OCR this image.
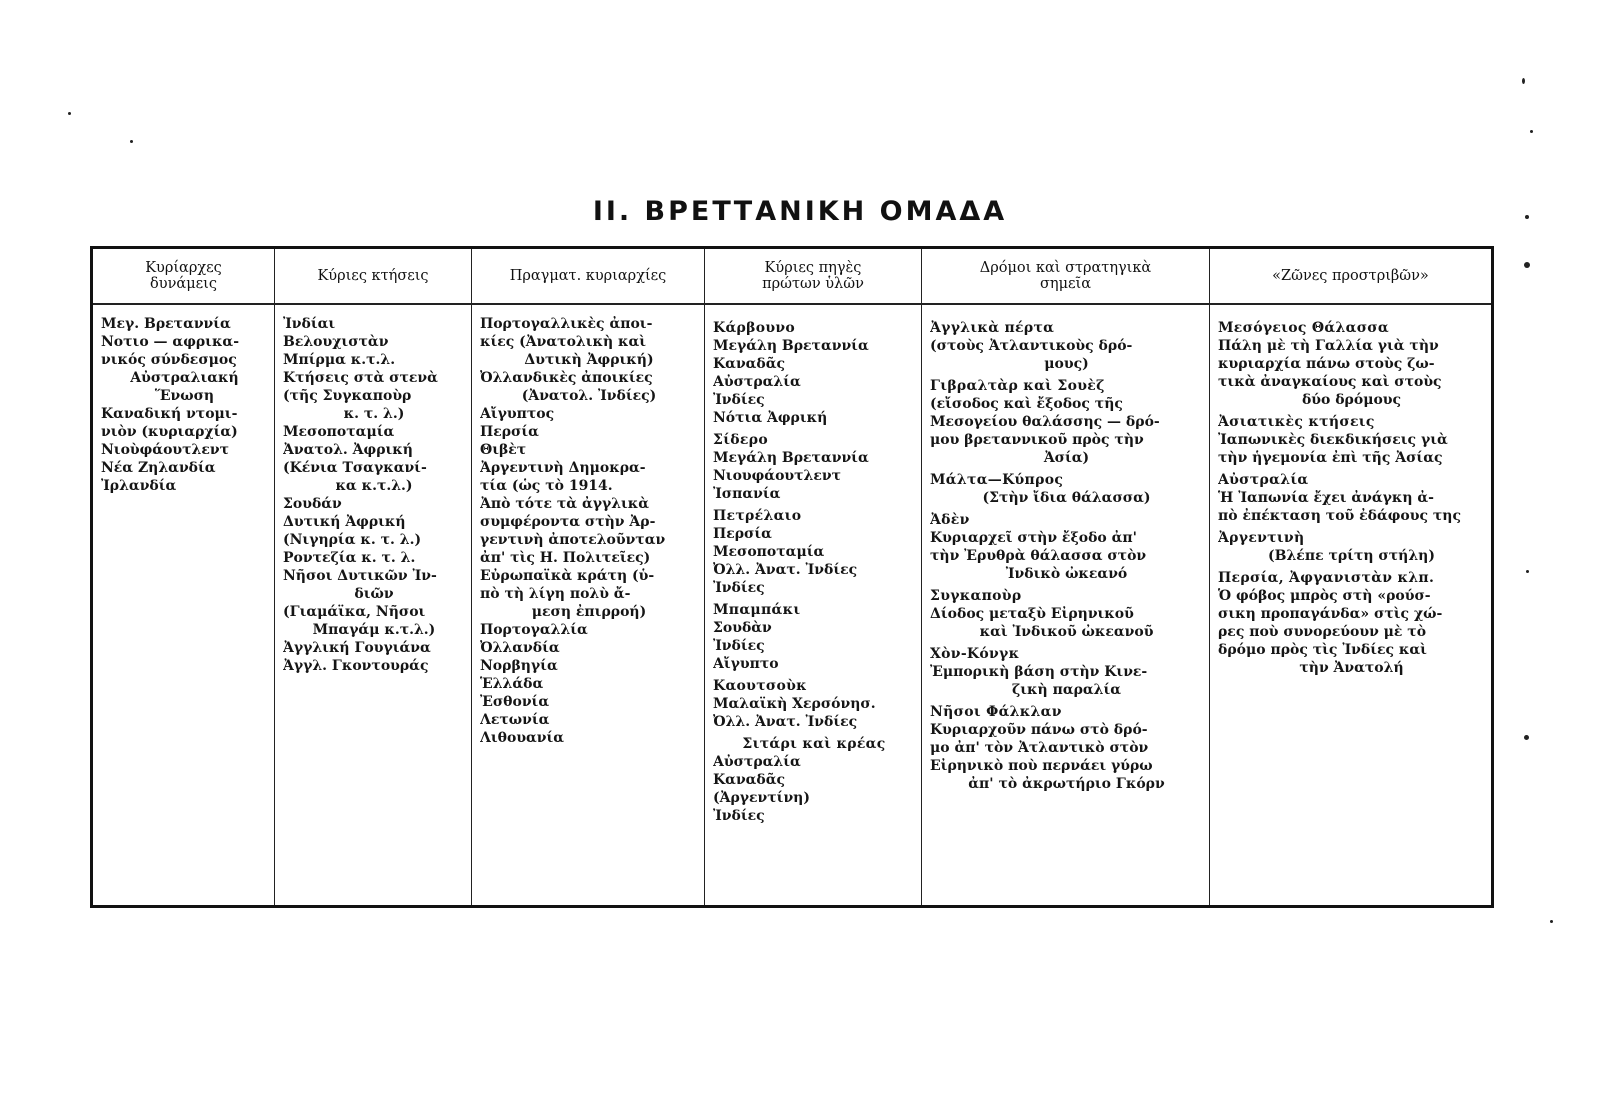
II. ΒΡΕΤΤΑΝΙΚΗ ΟΜΑΔΑ
Κυρίαρχες
δυνάμεις
Μεγ. Βρεταννία
Νοτιο — αφρικα-
νικός σύνδεσμος
Αὐστραλιακή
Ἕνωση
Καναδική ντομι-
νιὸν (κυριαρχία)
Νιοὺφάουτλεντ
Νέα Ζηλανδία
Ἰρλανδία
Κύριες κτήσεις
Ἰνδίαι
Βελουχιστὰν
Μπίρμα κ.τ.λ.
Κτήσεις στὰ στενὰ
(τῆς Συγκαποὺρ
κ. τ. λ.)
Μεσοποταμία
Ἀνατολ. Ἀφρική
(Κένια Τσαγκανί-
κα κ.τ.λ.)
Σουδάν
Δυτική Ἀφρική
(Νιγηρία κ. τ. λ.)
Ροντεζία κ. τ. λ.
Νῆσοι Δυτικῶν Ἰν-
διῶν
(Γιαμάϊκα, Νῆσοι
Μπαγάμ κ.τ.λ.)
Ἀγγλική Γουγιάνα
Ἀγγλ. Γκοντουράς
Πραγματ. κυριαρχίες
Πορτογαλλικὲς ἀποι-
κίες (Ἀνατολικὴ καὶ
Δυτικὴ Ἀφρική)
Ὀλλανδικὲς ἀποικίες
(Ἀνατολ. Ἰνδίες)
Αἴγυπτος
Περσία
Θιβὲτ
Ἀργεντινὴ Δημοκρα-
τία (ὡς τὸ 1914.
Ἀπὸ τότε τὰ ἀγγλικὰ
συμφέροντα στὴν Ἀρ-
γεντινὴ ἀποτελοῦνταν
ἀπ' τὶς Η. Πολιτεῖες)
Εὐρωπαϊκὰ κράτη (ὑ-
πὸ τὴ λίγη πολὺ ἄ-
μεση ἐπιρροή)
Πορτογαλλία
Ὀλλανδία
Νορβηγία
Ἑλλάδα
Ἐσθονία
Λετωνία
Λιθουανία
Κύριες πηγὲς
πρώτων ὑλῶν
Κάρβουνο
Μεγάλη Βρεταννία
Καναδᾶς
Αὐστραλία
Ἰνδίες
Νότια Ἀφρική
Σίδερο
Μεγάλη Βρεταννία
Νιουφάουτλεντ
Ἰσπανία
Πετρέλαιο
Περσία
Μεσοποταμία
Ὀλλ. Ἀνατ. Ἰνδίες
Ἰνδίες
Μπαμπάκι
Σουδὰν
Ἰνδίες
Αἴγυπτο
Καουτσοὺκ
Μαλαϊκὴ Χερσόνησ.
Ὀλλ. Ἀνατ. Ἰνδίες
Σιτάρι καὶ κρέας
Αὐστραλία
Καναδᾶς
(Ἀργεντίνη)
Ἰνδίες
Δρόμοι καὶ στρατηγικὰ
σημεῖα
Ἀγγλικὰ πέρτα
(στοὺς Ἀτλαντικοὺς δρό-
μους)
Γιβραλτὰρ καὶ Σουὲζ
(εἴσοδος καὶ ἔξοδος τῆς
Μεσογείου θαλάσσης — δρό-
μου βρεταννικοῦ πρὸς τὴν
Ἀσία)
Μάλτα—Κύπρος
(Στὴν ἴδια θάλασσα)
Ἀδὲν
Κυριαρχεῖ στὴν ἔξοδο ἀπ'
τὴν Ἐρυθρὰ θάλασσα στὸν
Ἰνδικὸ ὠκεανό
Συγκαποὺρ
Δίοδος μεταξὺ Εἰρηνικοῦ
καὶ Ἰνδικοῦ ὠκεανοῦ
Χὸν-Κόνγκ
Ἐμπορικὴ βάση στὴν Κινε-
ζικὴ παραλία
Νῆσοι Φάλκλαν
Κυριαρχοῦν πάνω στὸ δρό-
μο ἀπ' τὸν Ἀτλαντικὸ στὸν
Εἰρηνικὸ ποὺ περνάει γύρω
ἀπ' τὸ ἀκρωτήριο Γκόρν
«Ζῶνες προστριβῶν»
Μεσόγειος Θάλασσα
Πάλη μὲ τὴ Γαλλία γιὰ τὴν
κυριαρχία πάνω στοὺς ζω-
τικὰ ἀναγκαίους καὶ στοὺς
δύο δρόμους
Ἀσιατικὲς κτήσεις
Ἰαπωνικὲς διεκδικήσεις γιὰ
τὴν ἡγεμονία ἐπὶ τῆς Ἀσίας
Αὐστραλία
Ἡ Ἰαπωνία ἔχει ἀνάγκη ἀ-
πὸ ἐπέκταση τοῦ ἐδάφους της
Ἀργεντινὴ
(Βλέπε τρίτη στήλη)
Περσία, Ἀφγανιστὰν κλπ.
Ὁ φόβος μπρὸς στὴ «ρούσ-
σικη προπαγάνδα» στὶς χώ-
ρες ποὺ συνορεύουν μὲ τὸ
δρόμο πρὸς τὶς Ἰνδίες καὶ
τὴν Ἀνατολή
